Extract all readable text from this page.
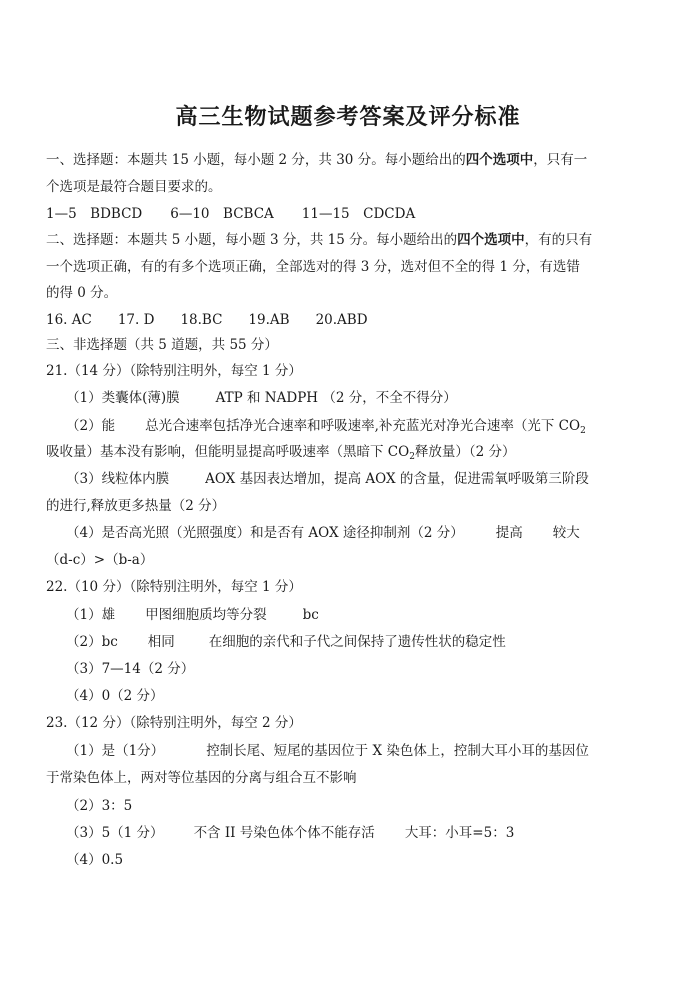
高三生物试题参考答案及评分标准
一、选择题：本题共 15 小题，每小题 2 分，共 30 分。每小题给出的四个选项中，只有一
个选项是最符合题目要求的。
1—5　BDBCD 6—10　BCBCA 11—15　CDCDA
二、选择题：本题共 5 小题，每小题 3 分，共 15 分。每小题给出的四个选项中，有的只有
一个选项正确，有的有多个选项正确，全部选对的得 3 分，选对但不全的得 1 分，有选错
的得 0 分。
16. AC 17. D 18.BC 19.AB 20.ABD
三、非选择题（共 5 道题，共 55 分）
21.（14 分）（除特别注明外，每空 1 分）
（1）类囊体(薄)膜	ATP 和 NADPH （2 分，不全不得分）
（2）能 总光合速率包括净光合速率和呼吸速率,补充蓝光对净光合速率（光下 $CO_2$
吸收量）基本没有影响，但能明显提高呼吸速率（黑暗下 $CO_2$释放量）（2 分）
（3）线粒体内膜	AOX 基因表达增加，提高 AOX 的含量，促进需氧呼吸第三阶段
的进行,释放更多热量（2 分）
（4）是否高光照（光照强度）和是否有 AOX 途径抑制剂（2 分） 提高 较大
（d-c）>（b-a）
22.（10 分）（除特别注明外，每空 1 分）
（1）雄 甲图细胞质均等分裂	bc
（2）bc 相同	在细胞的亲代和子代之间保持了遗传性状的稳定性
（3）7—14（2 分）
（4）0（2 分）
23.（12 分）（除特别注明外，每空 2 分）
（1）是（1分）	控制长尾、短尾的基因位于 X 染色体上，控制大耳小耳的基因位
于常染色体上，两对等位基因的分离与组合互不影响
（2）3：5
（3）5（1 分） 不含 II 号染色体个体不能存活 大耳：小耳=5：3
（4）0.5
